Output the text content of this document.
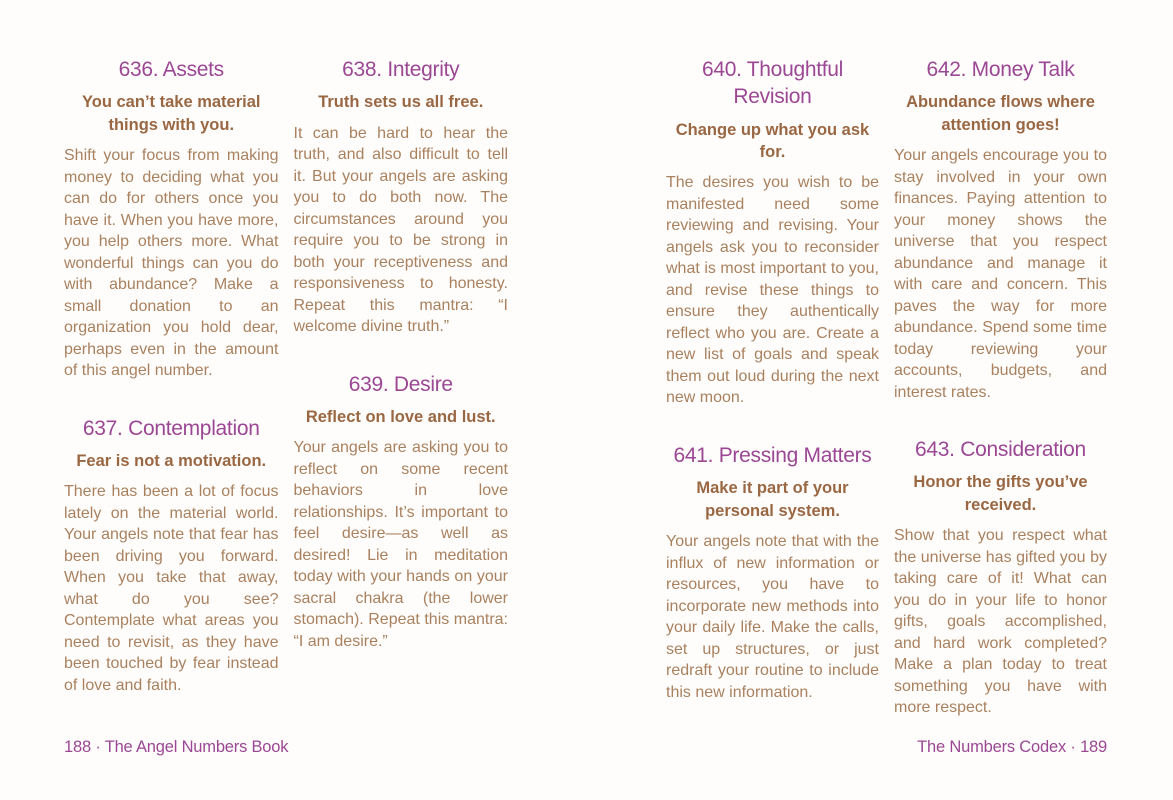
636. Assets
You can’t take material things with you.

Shift your focus from making money to deciding what you can do for others once you have it. When you have more, you help others more. What wonderful things can you do with abundance? Make a small donation to an organization you hold dear, perhaps even in the amount of this angel number.

637. Contemplation
Fear is not a motivation.

There has been a lot of focus lately on the material world. Your angels note that fear has been driving you forward. When you take that away, what do you see? Contemplate what areas you need to revisit, as they have been touched by fear instead of love and faith.

638. Integrity
Truth sets us all free.

It can be hard to hear the truth, and also difficult to tell it. But your angels are asking you to do both now. The circumstances around you require you to be strong in both your receptiveness and responsiveness to honesty. Repeat this mantra: “I welcome divine truth.”

639. Desire
Reflect on love and lust.

Your angels are asking you to reflect on some recent behaviors in love relationships. It’s important to feel desire—as well as desired! Lie in meditation today with your hands on your sacral chakra (the lower stomach). Repeat this mantra: “I am desire.”

188 · The Angel Numbers Book
640. Thoughtful Revision
Change up what you ask for.

The desires you wish to be manifested need some reviewing and revising. Your angels ask you to reconsider what is most important to you, and revise these things to ensure they authentically reflect who you are. Create a new list of goals and speak them out loud during the next new moon.

641. Pressing Matters
Make it part of your personal system.

Your angels note that with the influx of new information or resources, you have to incorporate new methods into your daily life. Make the calls, set up structures, or just redraft your routine to include this new information.

642. Money Talk
Abundance flows where attention goes!

Your angels encourage you to stay involved in your own finances. Paying attention to your money shows the universe that you respect abundance and manage it with care and concern. This paves the way for more abundance. Spend some time today reviewing your accounts, budgets, and interest rates.

643. Consideration
Honor the gifts you’ve received.

Show that you respect what the universe has gifted you by taking care of it! What can you do in your life to honor gifts, goals accomplished, and hard work completed? Make a plan today to treat something you have with more respect.

The Numbers Codex · 189
